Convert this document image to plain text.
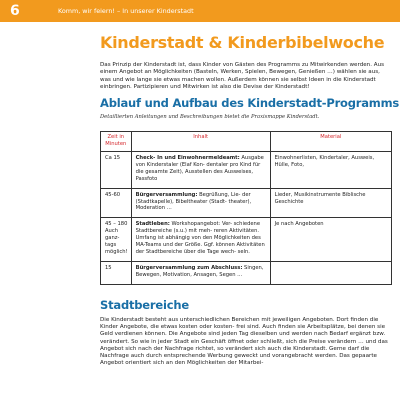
6	Komm, wir feiern! – In unserer Kinderstadt
Kinderstadt & Kinderbibelwoche

Das Prinzip der Kinderstadt ist, dass Kinder von Gästen des Programms zu Mitwirkenden werden. Aus einem Angebot an Möglichkeiten (Basteln, Werken, Spielen, Bewegen, Genießen …) wählen sie aus, was und wie lange sie etwas machen wollen. Außerdem können sie selbst Ideen in die Kinderstadt einbringen. Partizipieren und Mitwirken ist also die Devise der Kinderstadt!

Ablauf und Aufbau des Kinderstadt-Programms

Detaillierten Anleitungen und Beschreibungen bietet die Praxismappe Kinderstadt.

Zeit in Minuten	Inhalt	Material
Ca 15	Check- In und Einwohnermeldeamt: Ausgabe von Kinderstaler (Elaf Kon- dentaler pro Kind für die gesamte Zeit), Ausstellen des Ausweises, Passfoto	Einwohnerlisten, Kindertaler, Ausweis, Hülle, Foto,
45-60	Bürgerversammlung: Begrüßung, Lie- der (Stadtkapelle), Bibeltheater (Stadt- theater), Moderation …	Lieder, Musikinstrumente Biblische Geschichte
45 – 180 Auch ganz- tags möglich!	Stadtleben: Workshopangebot: Ver- schiedene Stadtbereiche (s.u.) mit meh- reren Aktivitäten. Umfang ist abhängig von den Möglichkeiten des MA-Teams und der Größe. Ggf. können Aktivitäten der Stadtbereiche über die Tage wech- seln.	Je nach Angeboten
15	Bürgerversammlung zum Abschluss: Singen, Bewegen, Motivation, Ansagen, Segen …	
Stadtbereiche

Die Kinderstadt besteht aus unterschiedlichen Bereichen mit jeweiligen Angeboten. Dort finden die Kinder Angebote, die etwas kosten oder kosten- frei sind. Auch finden sie Arbeitsplätze, bei denen sie Geld verdienen können. Die Angebote sind jeden Tag dieselben und werden nach Bedarf ergänzt bzw. verändert. So wie in jeder Stadt ein Geschäft öffnet oder schließt, sich die Preise verändern … und das Angebot sich nach der Nachfrage richtet, so verändert sich auch die Kinderstadt. Gerne darf die Nachfrage auch durch entsprechende Werbung geweckt und vorangebracht werden. Das gepaarte Angebot orientiert sich an den Möglichkeiten der Mitarbei-
